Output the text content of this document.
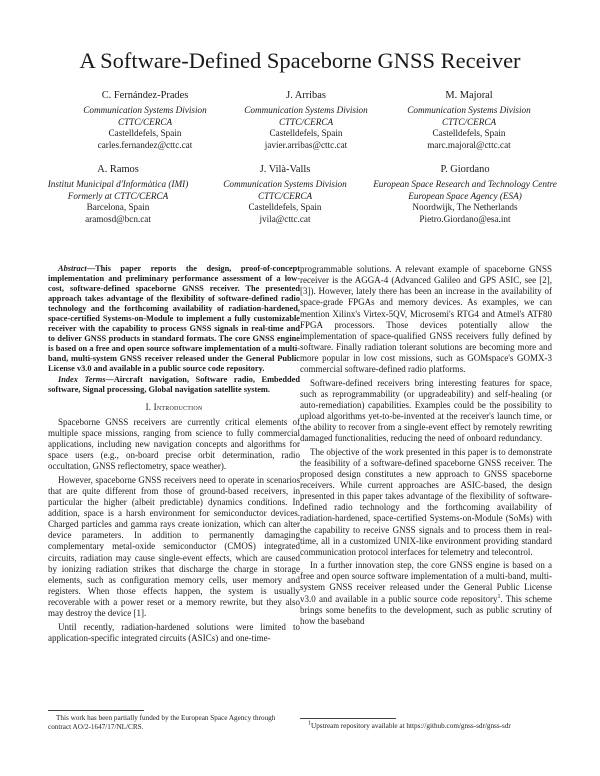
A Software-Defined Spaceborne GNSS Receiver
C. Fernández-Prades
Communication Systems Division
CTTC/CERCA
Castelldefels, Spain
carles.fernandez@cttc.cat
J. Arribas
Communication Systems Division
CTTC/CERCA
Castelldefels, Spain
javier.arribas@cttc.cat
M. Majoral
Communication Systems Division
CTTC/CERCA
Castelldefels, Spain
marc.majoral@cttc.cat
A. Ramos
Institut Municipal d'Informàtica (IMI)
Formerly at CTTC/CERCA
Barcelona, Spain
aramosd@bcn.cat
J. Vilà-Valls
Communication Systems Division
CTTC/CERCA
Castelldefels, Spain
jvila@cttc.cat
P. Giordano
European Space Research and Technology Centre
European Space Agency (ESA)
Noordwijk, The Netherlands
Pietro.Giordano@esa.int
Abstract—This paper reports the design, proof-of-concept implementation and preliminary performance assessment of a low-cost, software-defined spaceborne GNSS receiver. The presented approach takes advantage of the flexibility of software-defined radio technology and the forthcoming availability of radiation-hardened, space-certified Systems-on-Module to implement a fully customizable receiver with the capability to process GNSS signals in real-time and to deliver GNSS products in standard formats. The core GNSS engine is based on a free and open source software implementation of a multi-band, multi-system GNSS receiver released under the General Public License v3.0 and available in a public source code repository.
Index Terms—Aircraft navigation, Software radio, Embedded software, Signal processing, Global navigation satellite system.
I. Introduction

Spaceborne GNSS receivers are currently critical elements of multiple space missions, ranging from science to fully commercial applications, including new navigation concepts and algorithms for space users (e.g., on-board precise orbit determination, radio occultation, GNSS reflectometry, space weather).

However, spaceborne GNSS receivers need to operate in scenarios that are quite different from those of ground-based receivers, in particular the higher (albeit predictable) dynamics conditions. In addition, space is a harsh environment for semiconductor devices. Charged particles and gamma rays create ionization, which can alter device parameters. In addition to permanently damaging complementary metal-oxide semiconductor (CMOS) integrated circuits, radiation may cause single-event effects, which are caused by ionizing radiation strikes that discharge the charge in storage elements, such as configuration memory cells, user memory and registers. When those effects happen, the system is usually recoverable with a power reset or a memory rewrite, but they also may destroy the device [1].

Until recently, radiation-hardened solutions were limited to application-specific integrated circuits (ASICs) and one-time-

This work has been partially funded by the European Space Agency through contract AO/2-1647/17/NL/CRS.

programmable solutions. A relevant example of spaceborne GNSS receiver is the AGGA-4 (Advanced Galileo and GPS ASIC, see [2], [3]). However, lately there has been an increase in the availability of space-grade FPGAs and memory devices. As examples, we can mention Xilinx's Virtex-5QV, Microsemi's RTG4 and Atmel's ATF80 FPGA processors. Those devices potentially allow the implementation of space-qualified GNSS receivers fully defined by software. Finally radiation tolerant solutions are becoming more and more popular in low cost missions, such as GOMspace's GOMX-3 commercial software-defined radio platforms.

Software-defined receivers bring interesting features for space, such as reprogrammability (or upgradeability) and self-healing (or auto-remediation) capabilities. Examples could be the possibility to upload algorithms yet-to-be-invented at the receiver's launch time, or the ability to recover from a single-event effect by remotely rewriting damaged functionalities, reducing the need of onboard redundancy.

The objective of the work presented in this paper is to demonstrate the feasibility of a software-defined spaceborne GNSS receiver. The proposed design constitutes a new approach to GNSS spaceborne receivers. While current approaches are ASIC-based, the design presented in this paper takes advantage of the flexibility of software-defined radio technology and the forthcoming availability of radiation-hardened, space-certified Systems-on-Module (SoMs) with the capability to receive GNSS signals and to process them in real-time, all in a customized UNIX-like environment providing standard communication protocol interfaces for telemetry and telecontrol.

In a further innovation step, the core GNSS engine is based on a free and open source software implementation of a multi-band, multi-system GNSS receiver released under the General Public License v3.0 and available in a public source code repository$^1$. This scheme brings some benefits to the development, such as public scrutiny of how the baseband

$^1$Upstream repository available at https://github.com/gnss-sdr/gnss-sdr
